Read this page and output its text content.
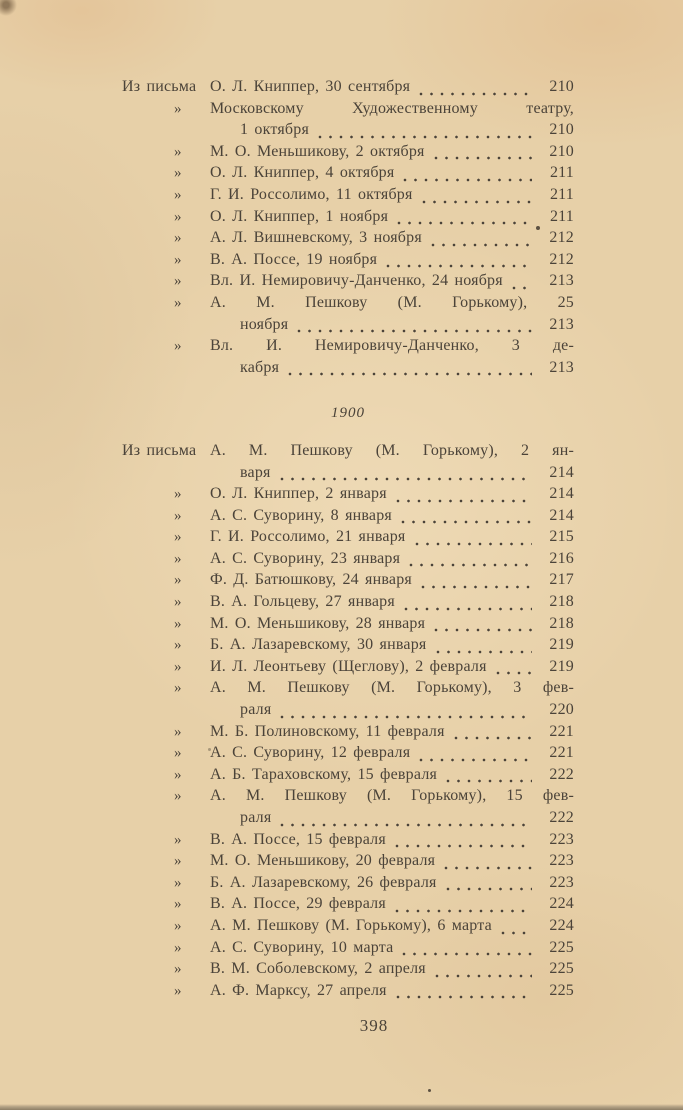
Из письма О. Л. Книппер, 30 сентября	210
»	Московскому Художественному театру,
1 октября	210
»	М. О. Меньшикову, 2 октября	210
»	О. Л. Книппер, 4 октября	211
»	Г. И. Россолимо, 11 октября	211
»	О. Л. Книппер, 1 ноября	211
»	А. Л. Вишневскому, 3 ноября	212
»	В. А. Поссе, 19 ноября	212
»	Вл. И. Немировичу-Данченко, 24 ноября	213
»	А. М. Пешкову (М. Горькому), 25
ноября	213
»	Вл. И. Немировичу-Данченко, 3 де-
кабря	213
1900
Из письма А. М. Пешкову (М. Горькому), 2 ян-
варя	214
»	О. Л. Книппер, 2 января	214
»	А. С. Суворину, 8 января	214
»	Г. И. Россолимо, 21 января	215
»	А. С. Суворину, 23 января	216
»	Ф. Д. Батюшкову, 24 января	217
»	В. А. Гольцеву, 27 января	218
»	М. О. Меньшикову, 28 января	218
»	Б. А. Лазаревскому, 30 января	219
»	И. Л. Леонтьеву (Щеглову), 2 февраля	219
»	А. М. Пешкову (М. Горькому), 3 фев-
раля	220
»	М. Б. Полиновскому, 11 февраля	221
»	А. С. Суворину, 12 февраля	221
»	А. Б. Тараховскому, 15 февраля	222
»	А. М. Пешкову (М. Горькому), 15 фев-
раля	222
»	В. А. Поссе, 15 февраля	223
»	М. О. Меньшикову, 20 февраля	223
»	Б. А. Лазаревскому, 26 февраля	223
»	В. А. Поссе, 29 февраля	224
»	А. М. Пешкову (М. Горькому), 6 марта	224
»	А. С. Суворину, 10 марта	225
»	В. М. Соболевскому, 2 апреля	225
»	А. Ф. Марксу, 27 апреля	225
398
